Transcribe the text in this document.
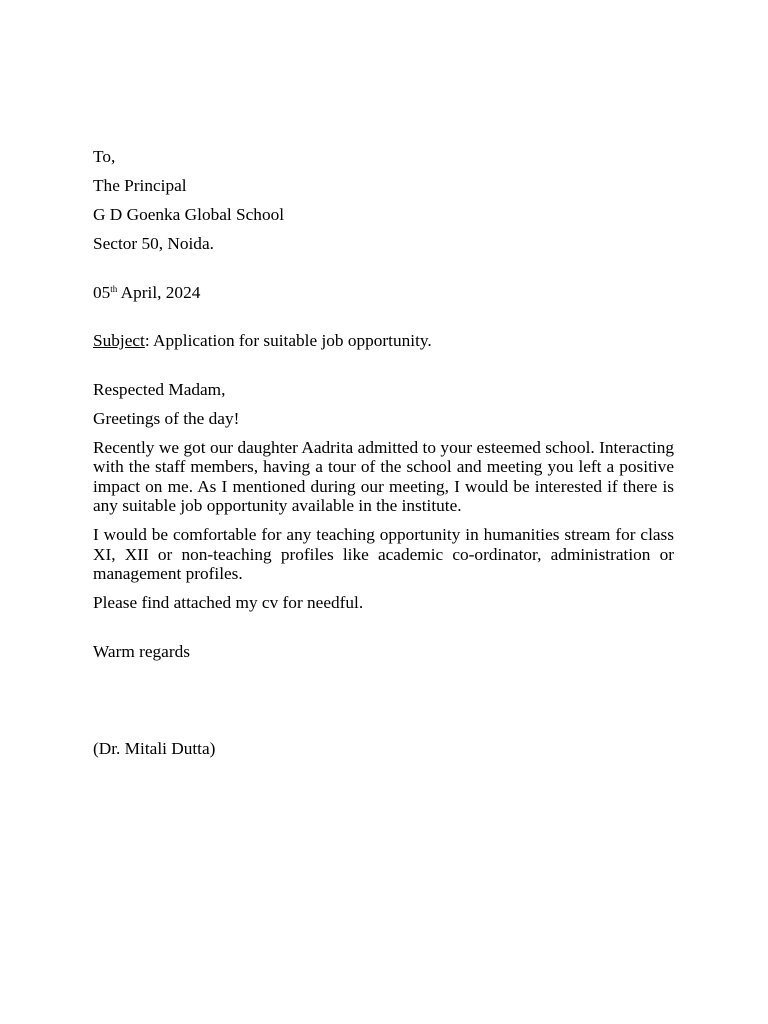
To,
The Principal
G D Goenka Global School
Sector 50, Noida.
05th April, 2024
Subject: Application for suitable job opportunity.
Respected Madam,
Greetings of the day!

Recently we got our daughter Aadrita admitted to your esteemed school. Interacting with the staff members, having a tour of the school and meeting you left a positive impact on me. As I mentioned during our meeting, I would be interested if there is any suitable job opportunity available in the institute.

I would be comfortable for any teaching opportunity in humanities stream for class XI, XII or non-teaching profiles like academic co-ordinator, administration or management profiles.

Please find attached my cv for needful.
Warm regards
(Dr. Mitali Dutta)
